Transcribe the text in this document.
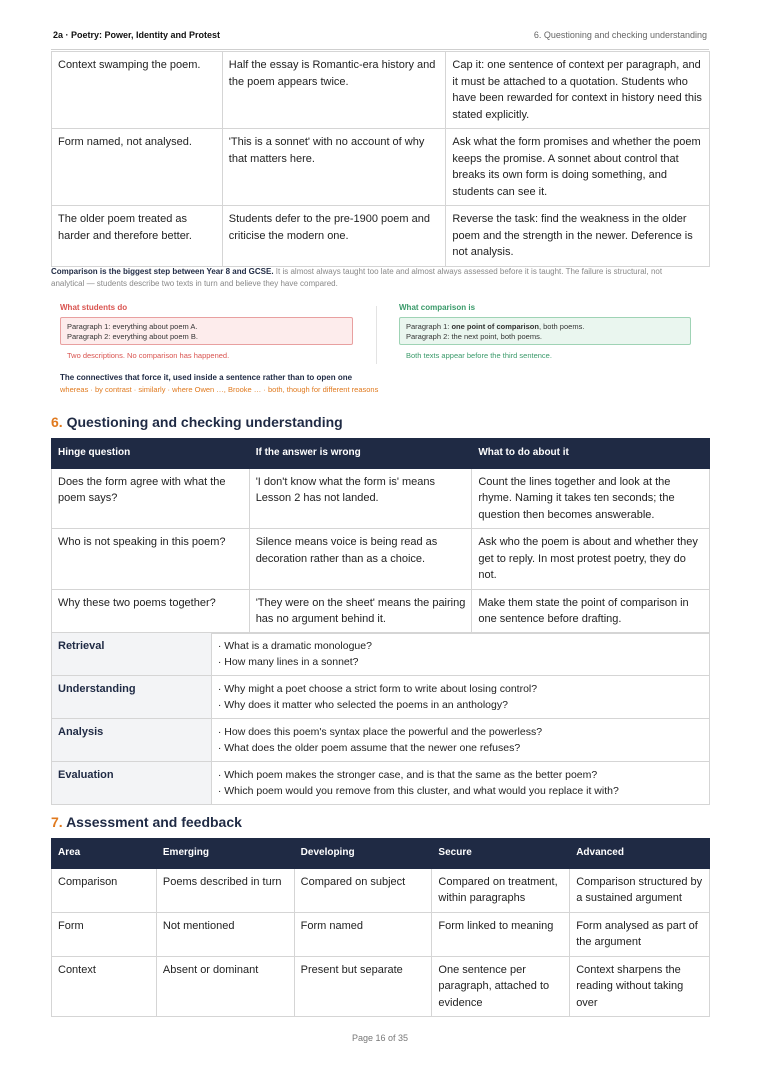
2a · Poetry: Power, Identity and Protest	6. Questioning and checking understanding
Context swamping the poem.	Half the essay is Romantic-era history and the poem appears twice.	Cap it: one sentence of context per paragraph, and it must be attached to a quotation. Students who have been rewarded for context in history need this stated explicitly.
Form named, not analysed.	'This is a sonnet' with no account of why that matters here.	Ask what the form promises and whether the poem keeps the promise. A sonnet about control that breaks its own form is doing something, and students can see it.
The older poem treated as harder and therefore better.	Students defer to the pre-1900 poem and criticise the modern one.	Reverse the task: find the weakness in the older poem and the strength in the newer. Deference is not analysis.
Comparison is the biggest step between Year 8 and GCSE. It is almost always taught too late and almost always assessed before it is taught. The failure is structural, not analytical — students describe two texts in turn and believe they have compared.
What students do
Paragraph 1: everything about poem A.
Paragraph 2: everything about poem B.
Two descriptions. No comparison has happened.
What comparison is
Paragraph 1: one point of comparison, both poems.
Paragraph 2: the next point, both poems.
Both texts appear before the third sentence.
The connectives that force it, used inside a sentence rather than to open one
whereas · by contrast · similarly · where Owen …, Brooke … · both, though for different reasons
6. Questioning and checking understanding
Hinge question	If the answer is wrong	What to do about it
Does the form agree with what the poem says?	'I don't know what the form is' means Lesson 2 has not landed.	Count the lines together and look at the rhyme. Naming it takes ten seconds; the question then becomes answerable.
Who is not speaking in this poem?	Silence means voice is being read as decoration rather than as a choice.	Ask who the poem is about and whether they get to reply. In most protest poetry, they do not.
Why these two poems together?	'They were on the sheet' means the pairing has no argument behind it.	Make them state the point of comparison in one sentence before drafting.
Retrieval	· What is a dramatic monologue?
· How many lines in a sonnet?

Understanding	· Why might a poet choose a strict form to write about losing control?
· Why does it matter who selected the poems in an anthology?

Analysis	· How does this poem's syntax place the powerful and the powerless?
· What does the older poem assume that the newer one refuses?

Evaluation	· Which poem makes the stronger case, and is that the same as the better poem?
· Which poem would you remove from this cluster, and what would you replace it with?
7. Assessment and feedback
Area	Emerging	Developing	Secure	Advanced
Comparison	Poems described in turn	Compared on subject	Compared on treatment, within paragraphs	Comparison structured by a sustained argument
Form	Not mentioned	Form named	Form linked to meaning	Form analysed as part of the argument
Context	Absent or dominant	Present but separate	One sentence per paragraph, attached to evidence	Context sharpens the reading without taking over
Page 16 of 35
